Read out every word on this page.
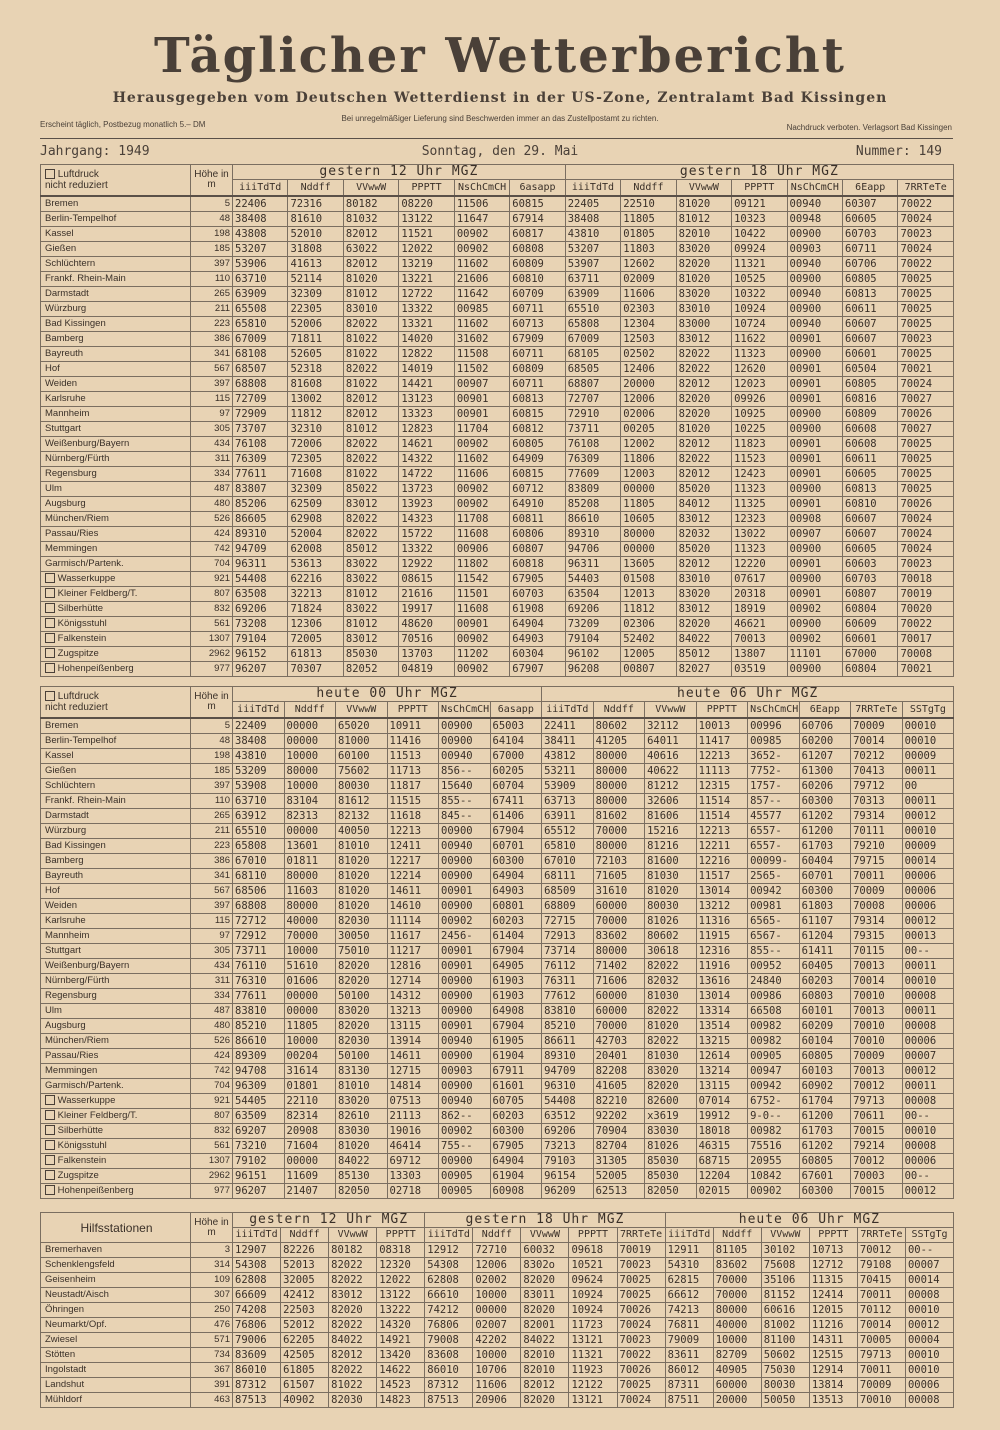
Täglicher Wetterbericht
Herausgegeben vom Deutschen Wetterdienst in der US-Zone, Zentralamt Bad Kissingen
Erscheint täglich, Postbezug monatlich 5.– DM
Bei unregelmäßiger Lieferung sind Beschwerden immer an das Zustellpostamt zu richten.
Nachdruck verboten. Verlagsort Bad Kissingen
Jahrgang: 1949	Sonntag, den 29. Mai	Nummer: 149
Luftdruck
nicht reduziert	Höhe in m	gestern 12 Uhr MGZ						gestern 18 Uhr MGZ						
		iiiTdTd	Nddff	VVwwW	PPPTT	NsChCmCH	6asapp	iiiTdTd	Nddff	VVwwW	PPPTT	NsChCmCH	6Eapp	7RRTeTe
Bremen	5	22406	72316	80182	08220	11506	60815	22405	22510	81020	09121	00940	60307	70022
Berlin-Tempelhof	48	38408	81610	81032	13122	11647	67914	38408	11805	81012	10323	00948	60605	70024
Kassel	198	43808	52010	82012	11521	00902	60817	43810	01805	82010	10422	00900	60703	70023
Gießen	185	53207	31808	63022	12022	00902	60808	53207	11803	83020	09924	00903	60711	70024
Schlüchtern	397	53906	41613	82012	13219	11602	60809	53907	12602	82020	11321	00940	60706	70022
Frankf. Rhein-Main	110	63710	52114	81020	13221	21606	60810	63711	02009	81020	10525	00900	60805	70025
Darmstadt	265	63909	32309	81012	12722	11642	60709	63909	11606	83020	10322	00940	60813	70025
Würzburg	211	65508	22305	83010	13322	00985	60711	65510	02303	83010	10924	00900	60611	70025
Bad Kissingen	223	65810	52006	82022	13321	11602	60713	65808	12304	83000	10724	00940	60607	70025
Bamberg	386	67009	71811	81022	14020	31602	67909	67009	12503	83012	11622	00901	60607	70023
Bayreuth	341	68108	52605	81022	12822	11508	60711	68105	02502	82022	11323	00900	60601	70025
Hof	567	68507	52318	82022	14019	11502	60809	68505	12406	82022	12620	00901	60504	70021
Weiden	397	68808	81608	81022	14421	00907	60711	68807	20000	82012	12023	00901	60805	70024
Karlsruhe	115	72709	13002	82012	13123	00901	60813	72707	12006	82020	09926	00901	60816	70027
Mannheim	97	72909	11812	82012	13323	00901	60815	72910	02006	82020	10925	00900	60809	70026
Stuttgart	305	73707	32310	81012	12823	11704	60812	73711	00205	81020	10225	00900	60608	70027
Weißenburg/Bayern	434	76108	72006	82022	14621	00902	60805	76108	12002	82012	11823	00901	60608	70025
Nürnberg/Fürth	311	76309	72305	82022	14322	11602	64909	76309	11806	82022	11523	00901	60611	70025
Regensburg	334	77611	71608	81022	14722	11606	60815	77609	12003	82012	12423	00901	60605	70025
Ulm	487	83807	32309	85022	13723	00902	60712	83809	00000	85020	11323	00900	60813	70025
Augsburg	480	85206	62509	83012	13923	00902	64910	85208	11805	84012	11325	00901	60810	70026
München/Riem	526	86605	62908	82022	14323	11708	60811	86610	10605	83012	12323	00908	60607	70024
Passau/Ries	424	89310	52004	82022	15722	11608	60806	89310	80000	82032	13022	00907	60607	70024
Memmingen	742	94709	62008	85012	13322	00906	60807	94706	00000	85020	11323	00900	60605	70024
Garmisch/Partenk.	704	96311	53613	83022	12922	11802	60818	96311	13605	82012	12220	00901	60603	70023
Wasserkuppe	921	54408	62216	83022	08615	11542	67905	54403	01508	83010	07617	00900	60703	70018
Kleiner Feldberg/T.	807	63508	32213	81012	21616	11501	60703	63504	12013	83020	20318	00901	60807	70019
Silberhütte	832	69206	71824	83022	19917	11608	61908	69206	11812	83012	18919	00902	60804	70020
Königsstuhl	561	73208	12306	81012	48620	00901	64904	73209	02306	82020	46621	00900	60609	70022
Falkenstein	1307	79104	72005	83012	70516	00902	64903	79104	52402	84022	70013	00902	60601	70017
Zugspitze	2962	96152	61813	85030	13703	11202	60304	96102	12005	85012	13807	11101	67000	70008
Hohenpeißenberg	977	96207	70307	82052	04819	00902	67907	96208	00807	82027	03519	00900	60804	70021
Luftdruck
nicht reduziert	Höhe in m	heute 00 Uhr MGZ						heute 06 Uhr MGZ							
		iiiTdTd	Nddff	VVwwW	PPPTT	NsChCmCH	6asapp	iiiTdTd	Nddff	VVwwW	PPPTT	NsChCmCH	6Eapp	7RRTeTe	SSTgTg
Bremen	5	22409	00000	65020	10911	00900	65003	22411	80602	32112	10013	00996	60706	70009	00010
Berlin-Tempelhof	48	38408	00000	81000	11416	00900	64104	38411	41205	64011	11417	00985	60200	70014	00010
Kassel	198	43810	10000	60100	11513	00940	67000	43812	80000	40616	12213	3652-	61207	70212	00009
Gießen	185	53209	80000	75602	11713	856--	60205	53211	80000	40622	11113	7752-	61300	70413	00011
Schlüchtern	397	53908	10000	80030	11817	15640	60704	53909	80000	81212	12315	1757-	60206	79712	00
Frankf. Rhein-Main	110	63710	83104	81612	11515	855--	67411	63713	80000	32606	11514	857--	60300	70313	00011
Darmstadt	265	63912	82313	82132	11618	845--	61406	63911	81602	81606	11514	45577	61202	79314	00012
Würzburg	211	65510	00000	40050	12213	00900	67904	65512	70000	15216	12213	6557-	61200	70111	00010
Bad Kissingen	223	65808	13601	81010	12411	00940	60701	65810	80000	81216	12211	6557-	61703	79210	00009
Bamberg	386	67010	01811	81020	12217	00900	60300	67010	72103	81600	12216	00099-	60404	79715	00014
Bayreuth	341	68110	80000	81020	12214	00900	64904	68111	71605	81030	11517	2565-	60701	70011	00006
Hof	567	68506	11603	81020	14611	00901	64903	68509	31610	81020	13014	00942	60300	70009	00006
Weiden	397	68808	80000	81020	14610	00900	60801	68809	60000	80030	13212	00981	61803	70008	00006
Karlsruhe	115	72712	40000	82030	11114	00902	60203	72715	70000	81026	11316	6565-	61107	79314	00012
Mannheim	97	72912	70000	30050	11617	2456-	61404	72913	83602	80602	11915	6567-	61204	79315	00013
Stuttgart	305	73711	10000	75010	11217	00901	67904	73714	80000	30618	12316	855--	61411	70115	00--
Weißenburg/Bayern	434	76110	51610	82020	12816	00901	64905	76112	71402	82022	11916	00952	60405	70013	00011
Nürnberg/Fürth	311	76310	01606	82020	12714	00900	61903	76311	71606	82032	13616	24840	60203	70014	00010
Regensburg	334	77611	00000	50100	14312	00900	61903	77612	60000	81030	13014	00986	60803	70010	00008
Ulm	487	83810	00000	83020	13213	00900	64908	83810	60000	82022	13314	66508	60101	70013	00011
Augsburg	480	85210	11805	82020	13115	00901	67904	85210	70000	81020	13514	00982	60209	70010	00008
München/Riem	526	86610	10000	82030	13914	00940	61905	86611	42703	82022	13215	00982	60104	70010	00006
Passau/Ries	424	89309	00204	50100	14611	00900	61904	89310	20401	81030	12614	00905	60805	70009	00007
Memmingen	742	94708	31614	83130	12715	00903	67911	94709	82208	83020	13214	00947	60103	70013	00012
Garmisch/Partenk.	704	96309	01801	81010	14814	00900	61601	96310	41605	82020	13115	00942	60902	70012	00011
Wasserkuppe	921	54405	22110	83020	07513	00940	60705	54408	82210	82600	07014	6752-	61704	79713	00008
Kleiner Feldberg/T.	807	63509	82314	82610	21113	862--	60203	63512	92202	x3619	19912	9-0--	61200	70611	00--
Silberhütte	832	69207	20908	83030	19016	00902	60300	69206	70904	83030	18018	00982	61703	70015	00010
Königsstuhl	561	73210	71604	81020	46414	755--	67905	73213	82704	81026	46315	75516	61202	79214	00008
Falkenstein	1307	79102	00000	84022	69712	00900	64904	79103	31305	85030	68715	20955	60805	70012	00006
Zugspitze	2962	96151	11609	85130	13303	00905	61904	96154	52005	85030	12204	10842	67601	70003	00--
Hohenpeißenberg	977	96207	21407	82050	02718	00905	60908	96209	62513	82050	02015	00902	60300	70015	00012
Hilfsstationen	Höhe in m	gestern 12 Uhr MGZ				gestern 18 Uhr MGZ					heute 06 Uhr MGZ					
		iiiTdTd	Nddff	VVwwW	PPPTT	iiiTdTd	Nddff	VVwwW	PPPTT	7RRTeTe	iiiTdTd	Nddff	VVwwW	PPPTT	7RRTeTe	SSTgTg
Bremerhaven	3	12907	82226	80182	08318	12912	72710	60032	09618	70019	12911	81105	30102	10713	70012	00--
Schenklengsfeld	314	54308	52013	82022	12320	54308	12006	8302o	10521	70023	54310	83602	75608	12712	79108	00007
Geisenheim	109	62808	32005	82022	12022	62808	02002	82020	09624	70025	62815	70000	35106	11315	70415	00014
Neustadt/Aisch	307	66609	42412	83012	13122	66610	10000	83011	10924	70025	66612	70000	81152	12414	70011	00008
Öhringen	250	74208	22503	82020	13222	74212	00000	82020	10924	70026	74213	80000	60616	12015	70112	00010
Neumarkt/Opf.	476	76806	52012	82022	14320	76806	02007	82001	11723	70024	76811	40000	81002	11216	70014	00012
Zwiesel	571	79006	62205	84022	14921	79008	42202	84022	13121	70023	79009	10000	81100	14311	70005	00004
Stötten	734	83609	42505	82012	13420	83608	10000	82010	11321	70022	83611	82709	50602	12515	79713	00010
Ingolstadt	367	86010	61805	82022	14622	86010	10706	82010	11923	70026	86012	40905	75030	12914	70011	00010
Landshut	391	87312	61507	81022	14523	87312	11606	82012	12122	70025	87311	60000	80030	13814	70009	00006
Mühldorf	463	87513	40902	82030	14823	87513	20906	82020	13121	70024	87511	20000	50050	13513	70010	00008
